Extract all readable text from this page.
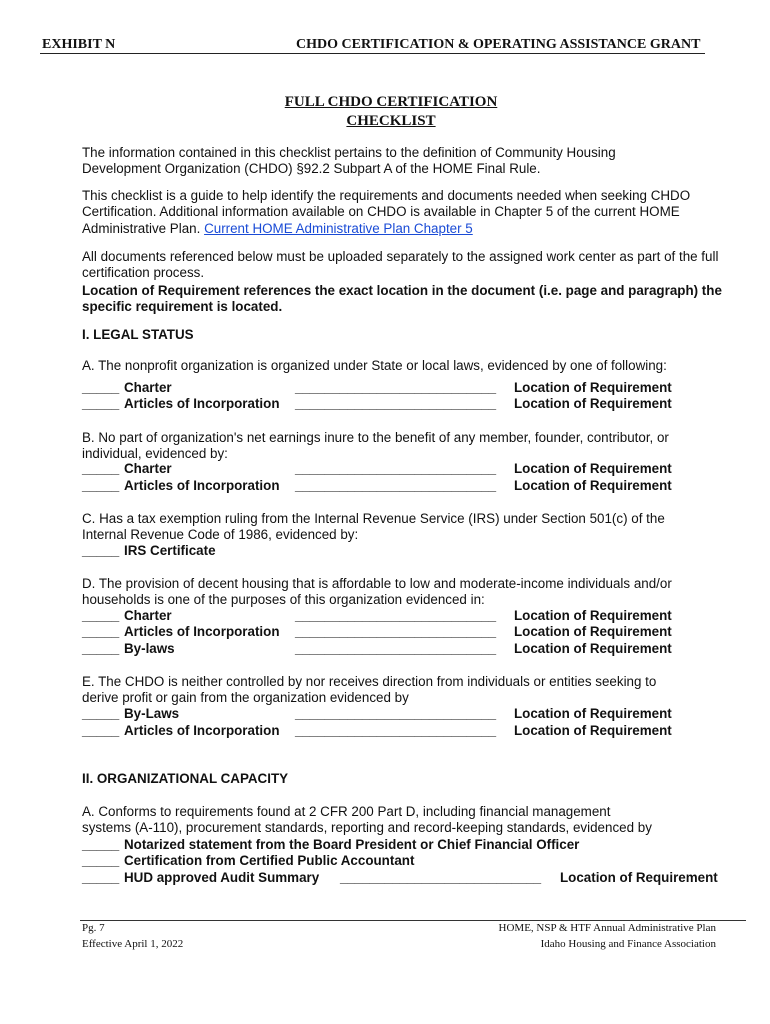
EXHIBIT N	CHDO CERTIFICATION & OPERATING ASSISTANCE GRANT
FULL CHDO CERTIFICATION
CHECKLIST
The information contained in this checklist pertains to the definition of Community Housing
Development Organization (CHDO) §92.2 Subpart A of the HOME Final Rule.
This checklist is a guide to help identify the requirements and documents needed when seeking CHDO
Certification. Additional information available on CHDO is available in Chapter 5 of the current HOME
Administrative Plan. Current HOME Administrative Plan Chapter 5
All documents referenced below must be uploaded separately to the assigned work center as part of the full
certification process.
Location of Requirement references the exact location in the document (i.e. page and paragraph) the
specific requirement is located.
I. LEGAL STATUS
A. The nonprofit organization is organized under State or local laws, evidenced by one of following:
_____ Charter	___________________________ Location of Requirement
_____ Articles of Incorporation ___________________________ Location of Requirement
B. No part of organization's net earnings inure to the benefit of any member, founder, contributor, or
individual, evidenced by:
_____ Charter	___________________________ Location of Requirement
_____ Articles of Incorporation ___________________________ Location of Requirement
C. Has a tax exemption ruling from the Internal Revenue Service (IRS) under Section 501(c) of the
Internal Revenue Code of 1986, evidenced by:
_____ IRS Certificate
D. The provision of decent housing that is affordable to low and moderate-income individuals and/or
households is one of the purposes of this organization evidenced in:
_____ Charter	___________________________ Location of Requirement
_____ Articles of Incorporation ___________________________ Location of Requirement
_____ By-laws	___________________________ Location of Requirement
E. The CHDO is neither controlled by nor receives direction from individuals or entities seeking to
derive profit or gain from the organization evidenced by
_____ By-Laws	___________________________ Location of Requirement
_____ Articles of Incorporation ___________________________ Location of Requirement
II. ORGANIZATIONAL CAPACITY
A. Conforms to requirements found at 2 CFR 200 Part D, including financial management
systems (A-110), procurement standards, reporting and record-keeping standards, evidenced by
_____ Notarized statement from the Board President or Chief Financial Officer
_____ Certification from Certified Public Accountant
_____ HUD approved Audit Summary ___________________________ Location of Requirement
Pg. 7
Effective April 1, 2022
HOME, NSP & HTF Annual Administrative Plan
Idaho Housing and Finance Association
